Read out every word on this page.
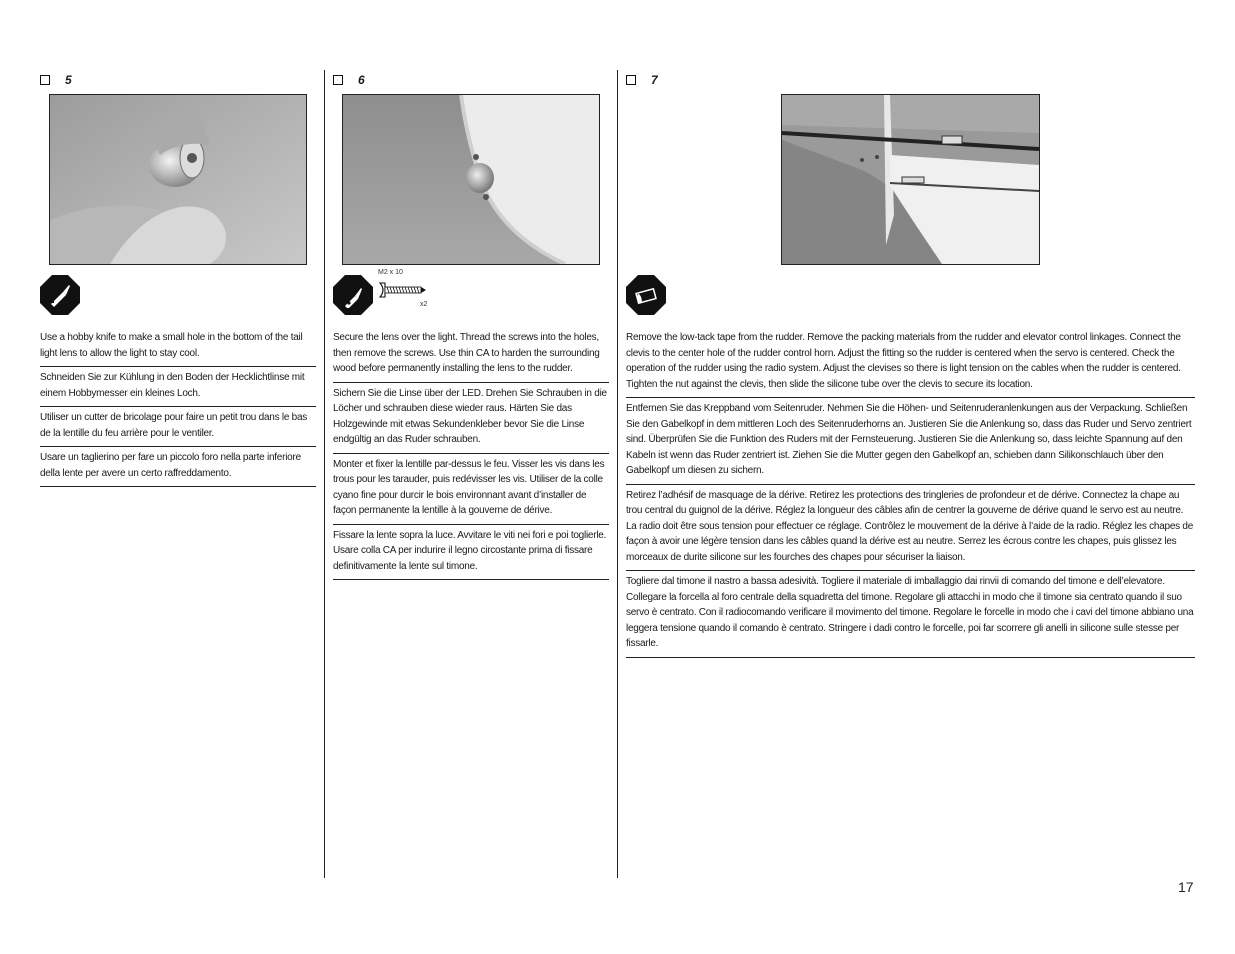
5

Use a hobby knife to make a small hole in the bottom of the tail light lens to allow the light to stay cool.

Schneiden Sie zur Kühlung in den Boden der Hecklichtlinse mit einem Hobbymesser ein kleines Loch.

Utiliser un cutter de bricolage pour faire un petit trou dans le bas de la lentille du feu arrière pour le ventiler.

Usare un taglierino per fare un piccolo foro nella parte inferiore della lente per avere un certo raffreddamento.

6
M2 x 10
x2

Secure the lens over the light. Thread the screws into the holes, then remove the screws. Use thin CA to harden the surrounding wood before permanently installing the lens to the rudder.

Sichern Sie die Linse über der LED. Drehen Sie Schrauben in die Löcher und schrauben diese wieder raus. Härten Sie das Holzgewinde mit etwas Sekundenkleber bevor Sie die Linse endgültig an das Ruder schrauben.

Monter et fixer la lentille par-dessus le feu. Visser les vis dans les trous pour les tarauder, puis redévisser les vis. Utiliser de la colle cyano fine pour durcir le bois environnant avant d’installer de façon permanente la lentille à la gouverne de dérive.

Fissare la lente sopra la luce. Avvitare le viti nei fori e poi toglierle. Usare colla CA per indurire il legno circostante prima di fissare definitivamente la lente sul timone.

7

Remove the low-tack tape from the rudder. Remove the packing materials from the rudder and elevator control linkages. Connect the clevis to the center hole of the rudder control horn. Adjust the fitting so the rudder is centered when the servo is centered. Check the operation of the rudder using the radio system. Adjust the clevises so there is light tension on the cables when the rudder is centered. Tighten the nut against the clevis, then slide the silicone tube over the clevis to secure its location.

Entfernen Sie das Kreppband vom Seitenruder. Nehmen Sie die Höhen- und Seitenruderanlenkungen aus der Verpackung. Schließen Sie den Gabelkopf in dem mittleren Loch des Seitenruderhorns an. Justieren Sie die Anlenkung so, dass das Ruder und Servo zentriert sind. Überprüfen Sie die Funktion des Ruders mit der Fernsteuerung. Justieren Sie die Anlenkung so, dass leichte Spannung auf den Kabeln ist wenn das Ruder zentriert ist. Ziehen Sie die Mutter gegen den Gabelkopf an, schieben dann Silikonschlauch über den Gabelkopf um diesen zu sichern.

Retirez l’adhésif de masquage de la dérive. Retirez les protections des tringleries de profondeur et de dérive. Connectez la chape au trou central du guignol de la dérive. Réglez la longueur des câbles afin de centrer la gouverne de dérive quand le servo est au neutre. La radio doit être sous tension pour effectuer ce réglage. Contrôlez le mouvement de la dérive à l’aide de la radio. Réglez les chapes de façon à avoir une légère tension dans les câbles quand la dérive est au neutre. Serrez les écrous contre les chapes, puis glissez les morceaux de durite silicone sur les fourches des chapes pour sécuriser la liaison.

Togliere dal timone il nastro a bassa adesività. Togliere il materiale di imballaggio dai rinvii di comando del timone e dell’elevatore. Collegare la forcella al foro centrale della squadretta del timone. Regolare gli attacchi in modo che il timone sia centrato quando il suo servo è centrato. Con il radiocomando verificare il movimento del timone. Regolare le forcelle in modo che i cavi del timone abbiano una leggera tensione quando il comando è centrato. Stringere i dadi contro le forcelle, poi far scorrere gli anelli in silicone sulle stesse per fissarle.

17
